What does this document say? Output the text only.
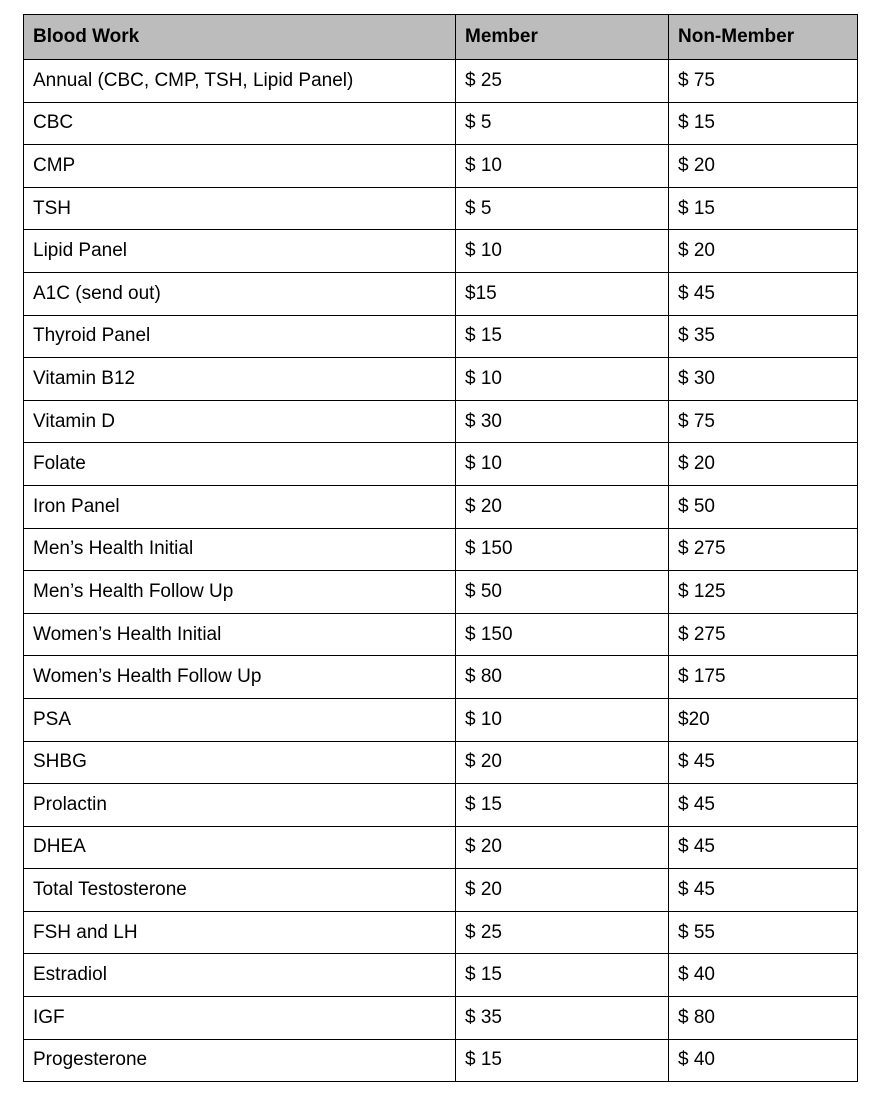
Blood Work	Member	Non-Member
Annual (CBC, CMP, TSH, Lipid Panel)	$ 25	$ 75
CBC	$ 5	$ 15
CMP	$ 10	$ 20
TSH	$ 5	$ 15
Lipid Panel	$ 10	$ 20
A1C (send out)	$15	$ 45
Thyroid Panel	$ 15	$ 35
Vitamin B12	$ 10	$ 30
Vitamin D	$ 30	$ 75
Folate	$ 10	$ 20
Iron Panel	$ 20	$ 50
Men’s Health Initial	$ 150	$ 275
Men’s Health Follow Up	$ 50	$ 125
Women’s Health Initial	$ 150	$ 275
Women’s Health Follow Up	$ 80	$ 175
PSA	$ 10	$20
SHBG	$ 20	$ 45
Prolactin	$ 15	$ 45
DHEA	$ 20	$ 45
Total Testosterone	$ 20	$ 45
FSH and LH	$ 25	$ 55
Estradiol	$ 15	$ 40
IGF	$ 35	$ 80
Progesterone	$ 15	$ 40
